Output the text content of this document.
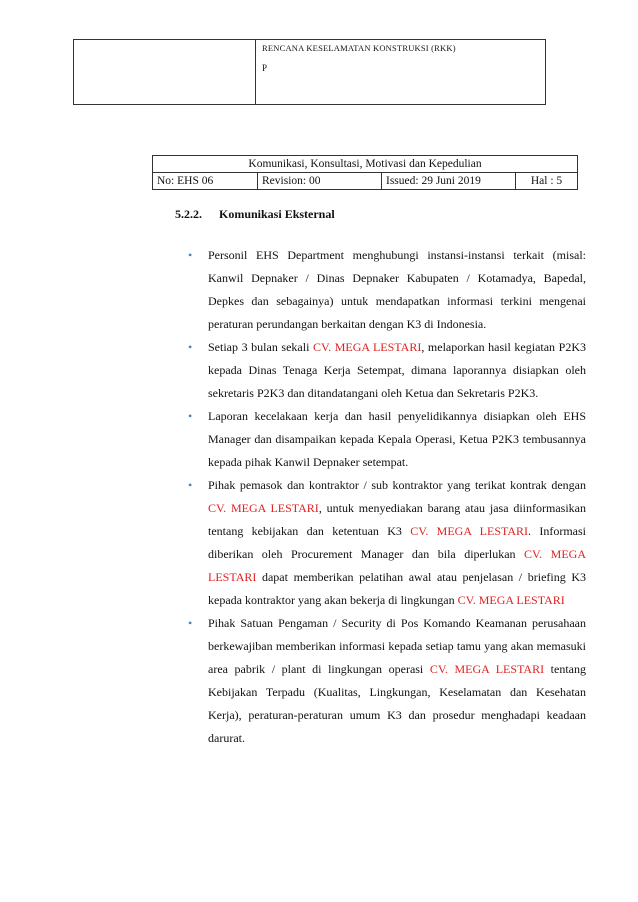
RENCANA KESELAMATAN KONSTRUKSI (RKK)
P
Komunikasi, Konsultasi, Motivasi dan Kepedulian
No: EHS 06	Revision: 00	Issued: 29 Juni 2019	Hal : 5
5.2.2. Komunikasi Eksternal
• Personil EHS Department menghubungi instansi-instansi terkait (misal: Kanwil Depnaker / Dinas Depnaker Kabupaten / Kotamadya, Bapedal, Depkes dan sebagainya) untuk mendapatkan informasi terkini mengenai peraturan perundangan berkaitan dengan K3 di Indonesia.
• Setiap 3 bulan sekali CV. MEGA LESTARI, melaporkan hasil kegiatan P2K3 kepada Dinas Tenaga Kerja Setempat, dimana laporannya disiapkan oleh sekretaris P2K3 dan ditandatangani oleh Ketua dan Sekretaris P2K3.
• Laporan kecelakaan kerja dan hasil penyelidikannya disiapkan oleh EHS Manager dan disampaikan kepada Kepala Operasi, Ketua P2K3 tembusannya kepada pihak Kanwil Depnaker setempat.
• Pihak pemasok dan kontraktor / sub kontraktor yang terikat kontrak dengan CV. MEGA LESTARI, untuk menyediakan barang atau jasa diinformasikan tentang kebijakan dan ketentuan K3 CV. MEGA LESTARI. Informasi diberikan oleh Procurement Manager dan bila diperlukan CV. MEGA LESTARI dapat memberikan pelatihan awal atau penjelasan / briefing K3 kepada kontraktor yang akan bekerja di lingkungan CV. MEGA LESTARI
• Pihak Satuan Pengaman / Security di Pos Komando Keamanan perusahaan berkewajiban memberikan informasi kepada setiap tamu yang akan memasuki area pabrik / plant di lingkungan operasi CV. MEGA LESTARI tentang Kebijakan Terpadu (Kualitas, Lingkungan, Keselamatan dan Kesehatan Kerja), peraturan-peraturan umum K3 dan prosedur menghadapi keadaan darurat.
